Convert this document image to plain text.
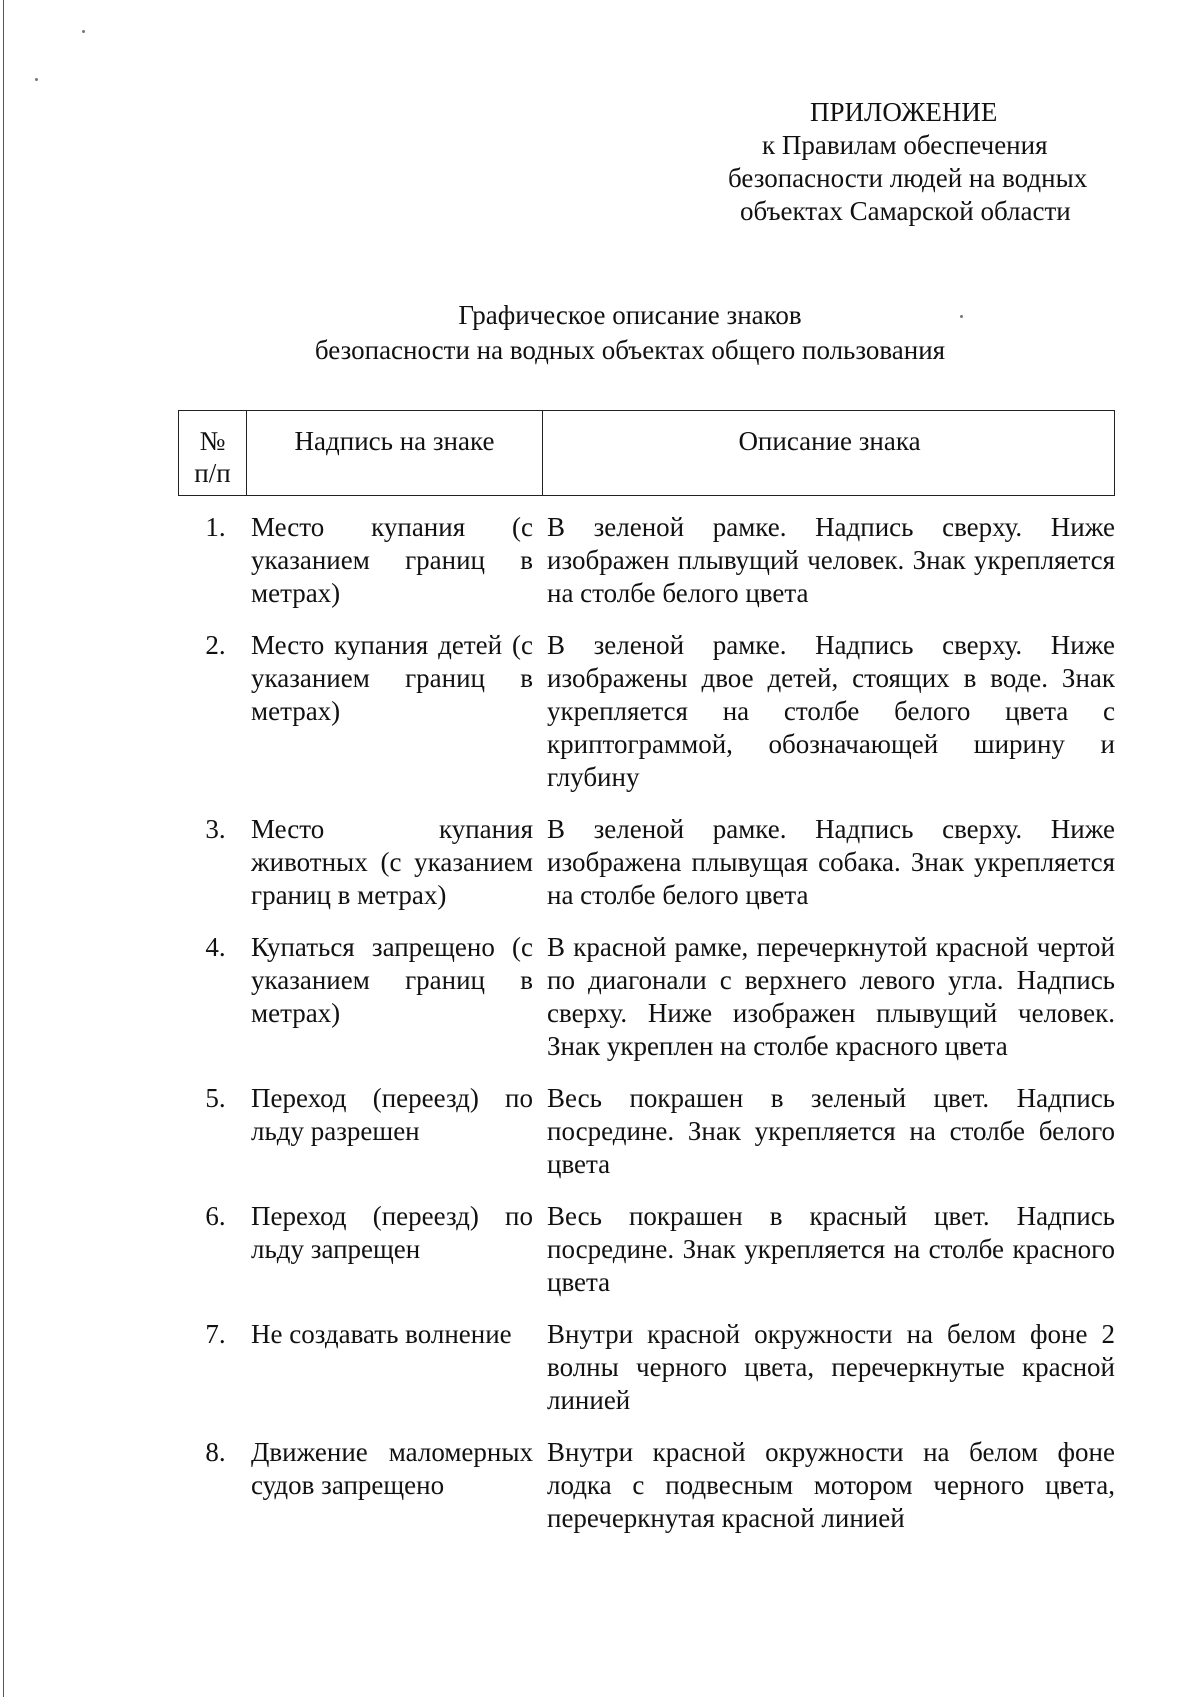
ПРИЛОЖЕНИЕ
к Правилам обеспечения
безопасности людей на водных
объектах Самарской области
Графическое описание знаков
безопасности на водных объектах общего пользования
№
п/п
Надпись на знаке	Описание знака
1. Место купания (с указанием границ в метрах)
В зеленой рамке. Надпись сверху. Ниже изображен плывущий человек. Знак укрепляется на столбе белого цвета
2. Место купания детей (с указанием границ в метрах)
В зеленой рамке. Надпись сверху. Ниже изображены двое детей, стоящих в воде. Знак укрепляется на столбе белого цвета с криптограммой, обозначающей ширину и глубину
3. Место купания животных (с указанием границ в метрах)
В зеленой рамке. Надпись сверху. Ниже изображена плывущая собака. Знак укрепляется на столбе белого цвета
4. Купаться запрещено (с указанием границ в метрах)
В красной рамке, перечеркнутой красной чертой по диагонали с верхнего левого угла. Надпись сверху. Ниже изображен плывущий человек. Знак укреплен на столбе красного цвета
5. Переход (переезд) по льду разрешен
Весь покрашен в зеленый цвет. Надпись посредине. Знак укрепляется на столбе белого цвета
6. Переход (переезд) по льду запрещен
Весь покрашен в красный цвет. Надпись посредине. Знак укрепляется на столбе красного цвета
7. Не создавать волнение	Внутри красной окружности на белом фоне 2 волны черного цвета, перечеркнутые красной линией
8. Движение маломерных судов запрещено
Внутри красной окружности на белом фоне лодка с подвесным мотором черного цвета, перечеркнутая красной линией
